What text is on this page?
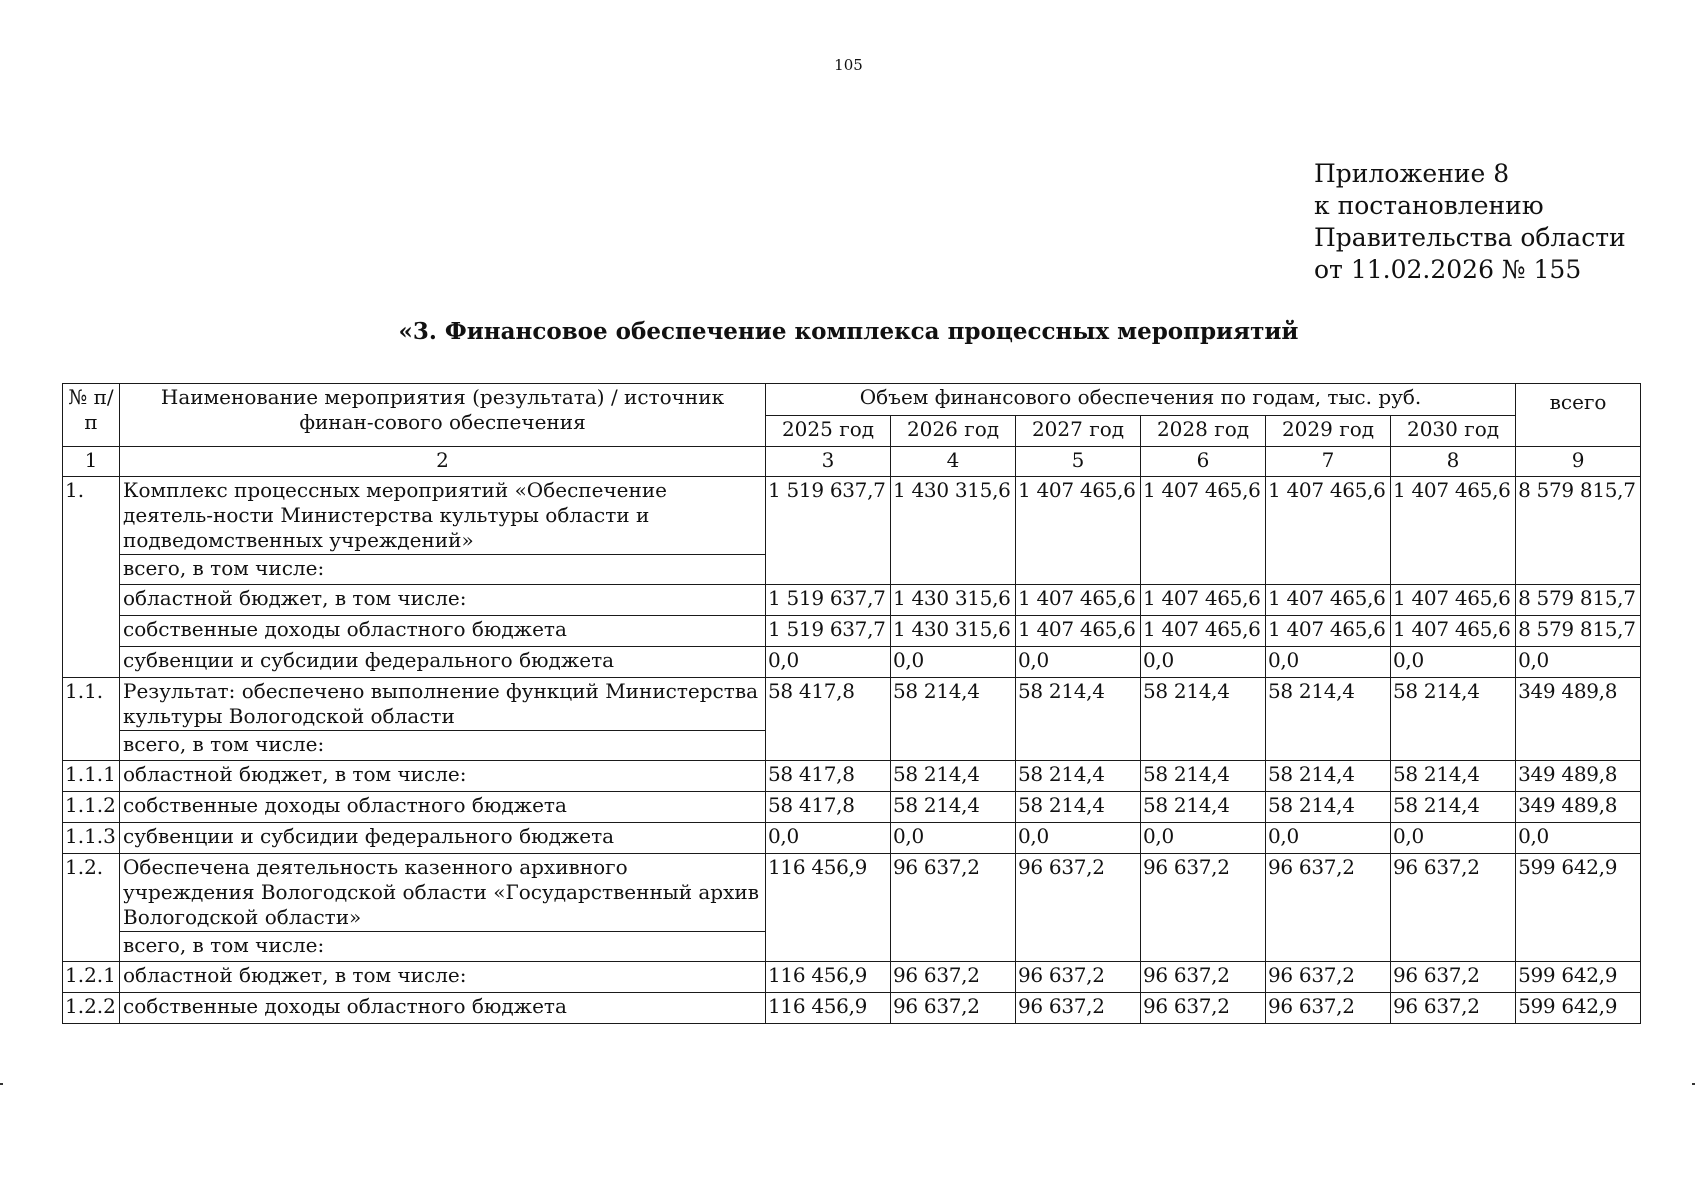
105
Приложение 8
к постановлению
Правительства области
от 11.02.2026 № 155
«3. Финансовое обеспечение комплекса процессных мероприятий
№ п/п	Наименование мероприятия (результата) / источник финан-сового обеспечения	Объем финансового обеспечения по годам, тыс. руб.						всего
		2025 год	2026 год	2027 год	2028 год	2029 год	2030 год	
1	2	3	4	5	6	7	8	9
1.	Комплекс процессных мероприятий «Обеспечение деятель-ности Министерства культуры области и подведомственных учреждений»	1 519 637,7	1 430 315,6	1 407 465,6	1 407 465,6	1 407 465,6	1 407 465,6	8 579 815,7
	всего, в том числе:							
	областной бюджет, в том числе:	1 519 637,7	1 430 315,6	1 407 465,6	1 407 465,6	1 407 465,6	1 407 465,6	8 579 815,7
	собственные доходы областного бюджета	1 519 637,7	1 430 315,6	1 407 465,6	1 407 465,6	1 407 465,6	1 407 465,6	8 579 815,7
	субвенции и субсидии федерального бюджета	0,0	0,0	0,0	0,0	0,0	0,0	0,0
1.1.	Результат: обеспечено выполнение функций Министерства культуры Вологодской области	58 417,8	58 214,4	58 214,4	58 214,4	58 214,4	58 214,4	349 489,8
	всего, в том числе:							
1.1.1	областной бюджет, в том числе:	58 417,8	58 214,4	58 214,4	58 214,4	58 214,4	58 214,4	349 489,8
1.1.2	собственные доходы областного бюджета	58 417,8	58 214,4	58 214,4	58 214,4	58 214,4	58 214,4	349 489,8
1.1.3	субвенции и субсидии федерального бюджета	0,0	0,0	0,0	0,0	0,0	0,0	0,0
1.2.	Обеспечена деятельность казенного архивного учреждения Вологодской области «Государственный архив Вологодской области»	116 456,9	96 637,2	96 637,2	96 637,2	96 637,2	96 637,2	599 642,9
	всего, в том числе:							
1.2.1	областной бюджет, в том числе:	116 456,9	96 637,2	96 637,2	96 637,2	96 637,2	96 637,2	599 642,9
1.2.2	собственные доходы областного бюджета	116 456,9	96 637,2	96 637,2	96 637,2	96 637,2	96 637,2	599 642,9
